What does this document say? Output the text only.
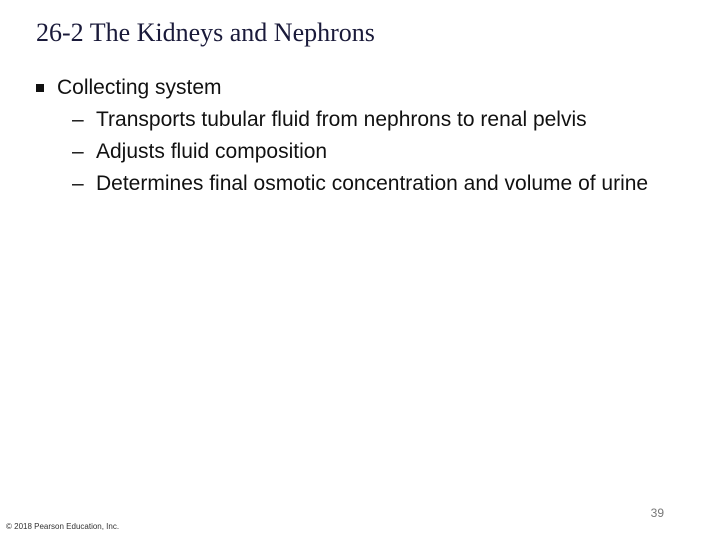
26-2 The Kidneys and Nephrons
Collecting system
– Transports tubular fluid from nephrons to renal pelvis
– Adjusts fluid composition
– Determines final osmotic concentration and volume of urine
39
© 2018 Pearson Education, Inc.
